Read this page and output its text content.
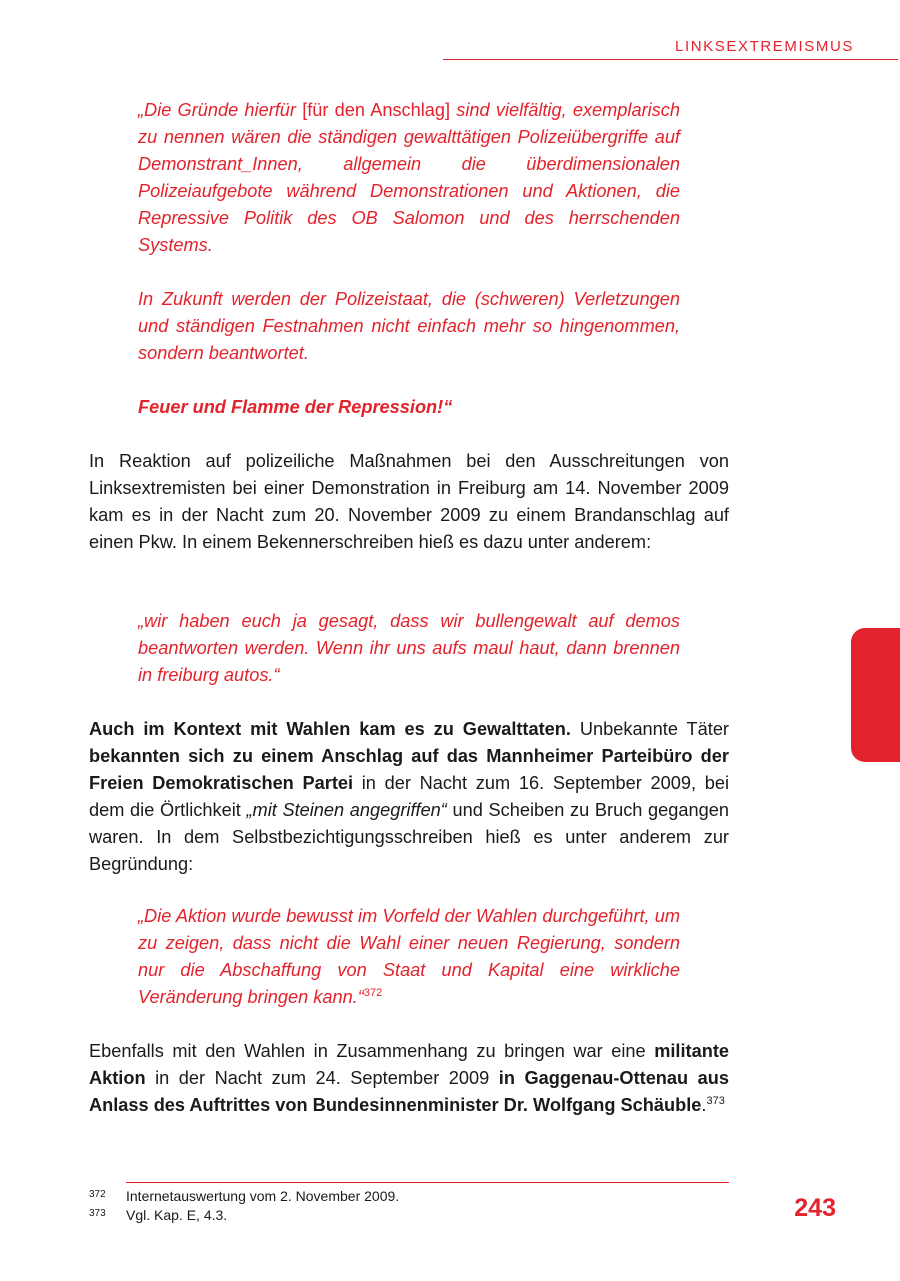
LINKSEXTREMISMUS

„Die Gründe hierfür [für den Anschlag] sind vielfältig, exemplarisch zu nennen wären die ständigen gewalttätigen Polizeiübergriffe auf Demonstrant_Innen, allgemein die überdimensionalen Polizeiaufgebote während Demonstrationen und Aktionen, die Repressive Politik des OB Salomon und des herrschenden Systems.

In Zukunft werden der Polizeistaat, die (schweren) Verletzungen und ständigen Festnahmen nicht einfach mehr so hingenommen, sondern beantwortet.

Feuer und Flamme der Repression!“

In Reaktion auf polizeiliche Maßnahmen bei den Ausschreitungen von Linksextremisten bei einer Demonstration in Freiburg am 14. November 2009 kam es in der Nacht zum 20. November 2009 zu einem Brandanschlag auf einen Pkw. In einem Bekennerschreiben hieß es dazu unter anderem:

„wir haben euch ja gesagt, dass wir bullengewalt auf demos beantworten werden. Wenn ihr uns aufs maul haut, dann brennen in freiburg autos.“

Auch im Kontext mit Wahlen kam es zu Gewalttaten. Unbekannte Täter bekannten sich zu einem Anschlag auf das Mannheimer Parteibüro der Freien Demokratischen Partei in der Nacht zum 16. September 2009, bei dem die Örtlichkeit „mit Steinen angegriffen“ und Scheiben zu Bruch gegangen waren. In dem Selbstbezichtigungsschreiben hieß es unter anderem zur Begründung:

„Die Aktion wurde bewusst im Vorfeld der Wahlen durchgeführt, um zu zeigen, dass nicht die Wahl einer neuen Regierung, sondern nur die Abschaffung von Staat und Kapital eine wirkliche Veränderung bringen kann.“$^{372}$

Ebenfalls mit den Wahlen in Zusammenhang zu bringen war eine militante Aktion in der Nacht zum 24. September 2009 in Gaggenau-Ottenau aus Anlass des Auftrittes von Bundesinnenminister Dr. Wolfgang Schäuble.$^{373}$

372 Internetauswertung vom 2. November 2009.
373 Vgl. Kap. E, 4.3.	243
